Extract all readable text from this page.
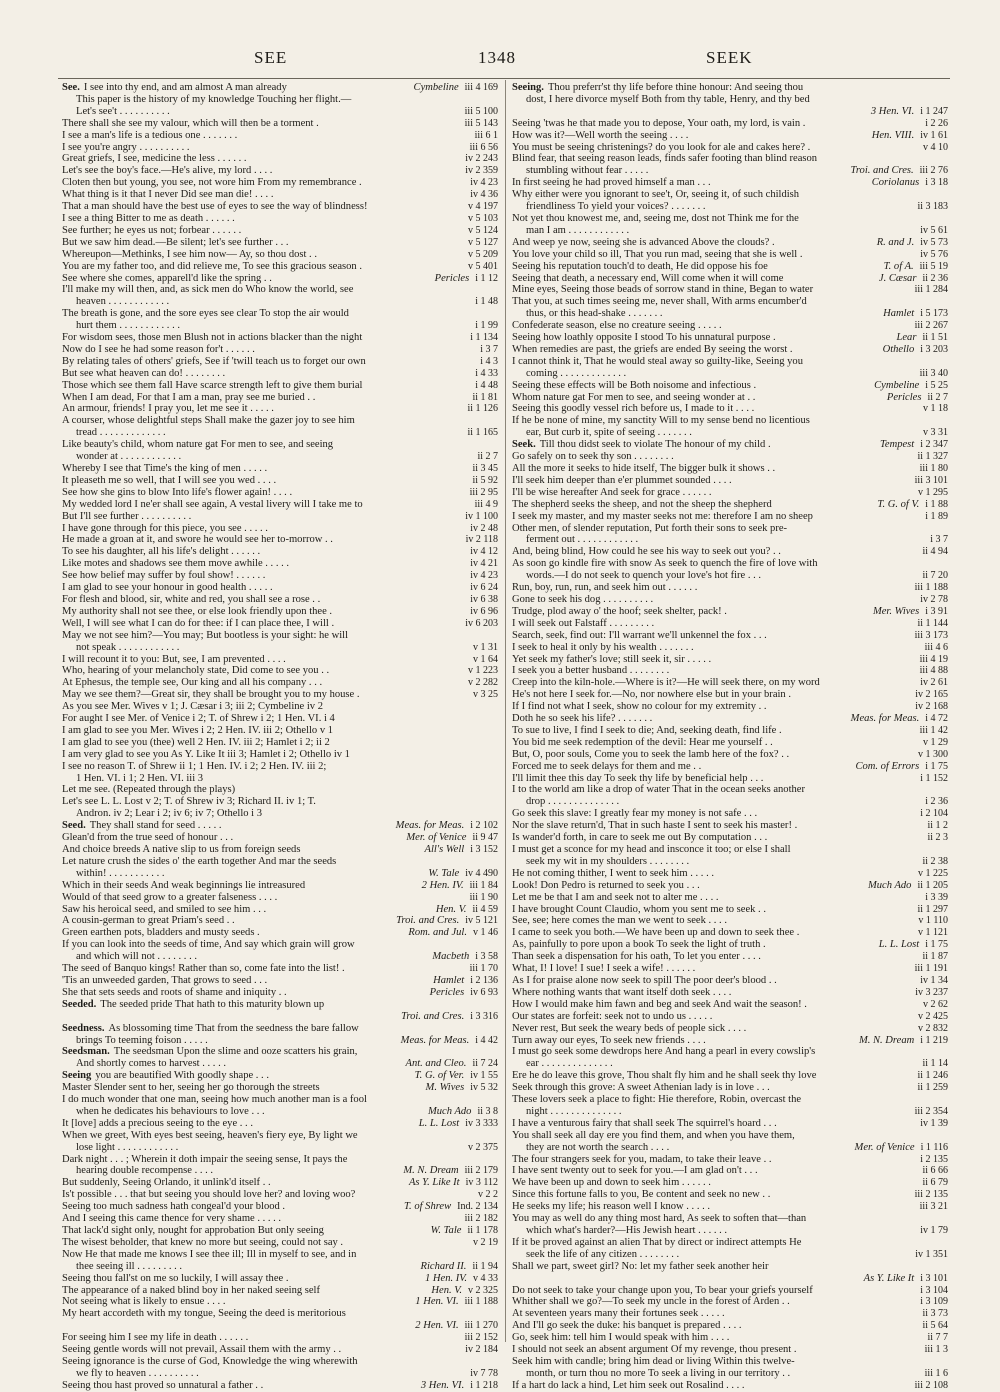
SEE	1348	SEEK
See. I see into thy end, and am almost A man already	Cymbeline iii 4 169
This paper is the history of my knowledge Touching her flight.—
Let's see't . . . . . . . . . .	iii 5 100
There shall she see my valour, which will then be a torment .	iii 5 143
I see a man's life is a tedious one . . . . . . .	iii 6 1
I see you're angry . . . . . . . . . .	iii 6 56
Great griefs, I see, medicine the less . . . . . .	iv 2 243
Let's see the boy's face.—He's alive, my lord . . . .	iv 2 359
Cloten then but young, you see, not wore him From my remembrance .	iv 4 23
What thing is it that I never Did see man die! . . . .	iv 4 36
That a man should have the best use of eyes to see the way of blindness!	v 4 197
I see a thing Bitter to me as death . . . . . .	v 5 103
See further; he eyes us not; forbear . . . . . .	v 5 124
But we saw him dead.—Be silent; let's see further . . .	v 5 127
Whereupon—Methinks, I see him now— Ay, so thou dost . .	v 5 209
You are my father too, and did relieve me, To see this gracious season .	v 5 401
See where she comes, apparell'd like the spring . .	Pericles i 1 12
I'll make my will then, and, as sick men do Who know the world, see
heaven . . . . . . . . . . . .	i 1 48
The breath is gone, and the sore eyes see clear To stop the air would
hurt them . . . . . . . . . . . .	i 1 99
For wisdom sees, those men Blush not in actions blacker than the night	i 1 134
Now do I see he had some reason for't . . . . . .	i 3 7
By relating tales of others' griefs, See if 'twill teach us to forget our own	i 4 3
But see what heaven can do! . . . . . . . .	i 4 33
Those which see them fall Have scarce strength left to give them burial	i 4 48
When I am dead, For that I am a man, pray see me buried . .	ii 1 81
An armour, friends! I pray you, let me see it . . . . .	ii 1 126
A courser, whose delightful steps Shall make the gazer joy to see him
tread . . . . . . . . . . . . .	ii 1 165
Like beauty's child, whom nature gat For men to see, and seeing
wonder at . . . . . . . . . . . .	ii 2 7
Whereby I see that Time's the king of men . . . . .	ii 3 45
It pleaseth me so well, that I will see you wed . . . .	ii 5 92
See how she gins to blow Into life's flower again! . . . .	iii 2 95
My wedded lord I ne'er shall see again, A vestal livery will I take me to	iii 4 9
But I'll see further . . . . . . . . . .	iv 1 100
I have gone through for this piece, you see . . . . .	iv 2 48
He made a groan at it, and swore he would see her to-morrow . .	iv 2 118
To see his daughter, all his life's delight . . . . . .	iv 4 12
Like motes and shadows see them move awhile . . . . .	iv 4 21
See how belief may suffer by foul show! . . . . . .	iv 4 23
I am glad to see your honour in good health . . . . .	iv 6 24
For flesh and blood, sir, white and red, you shall see a rose . .	iv 6 38
My authority shall not see thee, or else look friendly upon thee .	iv 6 96
Well, I will see what I can do for thee: if I can place thee, I will .	iv 6 203
May we not see him?—You may; But bootless is your sight: he will
not speak . . . . . . . . . . . .	v 1 31
I will recount it to you: But, see, I am prevented . . . .	v 1 64
Who, hearing of your melancholy state, Did come to see you . .	v 1 223
At Ephesus, the temple see, Our king and all his company . . .	v 2 282
May we see them?—Great sir, they shall be brought you to my house .	v 3 25
As you see Mer. Wives v 1; J. Cæsar i 3; iii 2; Cymbeline iv 2
For aught I see Mer. of Venice i 2; T. of Shrew i 2; 1 Hen. VI. i 4
I am glad to see you Mer. Wives i 2; 2 Hen. IV. iii 2; Othello v 1
I am glad to see you (thee) well 2 Hen. IV. iii 2; Hamlet i 2; ii 2
I am very glad to see you As Y. Like It iii 3; Hamlet i 2; Othello iv 1
I see no reason T. of Shrew ii 1; 1 Hen. IV. i 2; 2 Hen. IV. iii 2;
1 Hen. VI. i 1; 2 Hen. VI. iii 3
Let me see. (Repeated through the plays)
Let's see L. L. Lost v 2; T. of Shrew iv 3; Richard II. iv 1; T.
Andron. iv 2; Lear i 2; iv 6; iv 7; Othello i 3
Seed. They shall stand for seed . . . . .	Meas. for Meas. i 2 102
Glean'd from the true seed of honour . . .	Mer. of Venice ii 9 47
And choice breeds A native slip to us from foreign seeds	All's Well i 3 152
Let nature crush the sides o' the earth together And mar the seeds
within! . . . . . . . . . . .	W. Tale iv 4 490
Which in their seeds And weak beginnings lie intreasured	2 Hen. IV. iii 1 84
Would of that seed grow to a greater falseness . . . .	iii 1 90
Saw his heroical seed, and smiled to see him . . .	Hen. V. ii 4 59
A cousin-german to great Priam's seed . .	Troi. and Cres. iv 5 121
Green earthen pots, bladders and musty seeds .	Rom. and Jul. v 1 46
If you can look into the seeds of time, And say which grain will grow
and which will not . . . . . . . .	Macbeth i 3 58
The seed of Banquo kings! Rather than so, come fate into the list! .	iii 1 70
'Tis an unweeded garden, That grows to seed . . .	Hamlet i 2 136
She that sets seeds and roots of shame and iniquity . .	Pericles iv 6 93
Seeded. The seeded pride That hath to this maturity blown up
Troi. and Cres. i 3 316
Seedness. As blossoming time That from the seedness the bare fallow
brings To teeming foison . . . . .	Meas. for Meas. i 4 42
Seedsman. The seedsman Upon the slime and ooze scatters his grain,
And shortly comes to harvest . . . . .	Ant. and Cleo. ii 7 24
Seeing you are beautified With goodly shape . . .	T. G. of Ver. iv 1 55
Master Slender sent to her, seeing her go thorough the streets	M. Wives iv 5 32
I do much wonder that one man, seeing how much another man is a fool
when he dedicates his behaviours to love . . .	Much Ado ii 3 8
It [love] adds a precious seeing to the eye . . .	L. L. Lost iv 3 333
When we greet, With eyes best seeing, heaven's fiery eye, By light we
lose light . . . . . . . . . . . .	v 2 375
Dark night . . . ; Wherein it doth impair the seeing sense, It pays the
hearing double recompense . . . .	M. N. Dream iii 2 179
But suddenly, Seeing Orlando, it unlink'd itself . .	As Y. Like It iv 3 112
Is't possible . . . that but seeing you should love her? and loving woo?	v 2 2
Seeing too much sadness hath congeal'd your blood .	T. of Shrew Ind. 2 134
And I seeing this came thence for very shame . . . . .	iii 2 182
That lack'd sight only, nought for approbation But only seeing	W. Tale ii 1 178
The wisest beholder, that knew no more but seeing, could not say .	v 2 19
Now He that made me knows I see thee ill; Ill in myself to see, and in
thee seeing ill . . . . . . . . .	Richard II. ii 1 94
Seeing thou fall'st on me so luckily, I will assay thee .	1 Hen. IV. v 4 33
The appearance of a naked blind boy in her naked seeing self	Hen. V. v 2 325
Not seeing what is likely to ensue . . . .	1 Hen. VI. iii 1 188
My heart accordeth with my tongue, Seeing the deed is meritorious
2 Hen. VI. iii 1 270
For seeing him I see my life in death . . . . . .	iii 2 152
Seeing gentle words will not prevail, Assail them with the army . .	iv 2 184
Seeing ignorance is the curse of God, Knowledge the wing wherewith
we fly to heaven . . . . . . . . . .	iv 7 78
Seeing thou hast proved so unnatural a father . .	3 Hen. VI. i 1 218
Seeing. Thou preferr'st thy life before thine honour: And seeing thou
dost, I here divorce myself Both from thy table, Henry, and thy bed
3 Hen. VI. i 1 247
Seeing 'twas he that made you to depose, Your oath, my lord, is vain .	i 2 26
How was it?—Well worth the seeing . . . .	Hen. VIII. iv 1 61
You must be seeing christenings? do you look for ale and cakes here? .	v 4 10
Blind fear, that seeing reason leads, finds safer footing than blind reason
stumbling without fear . . . . .	Troi. and Cres. iii 2 76
In first seeing he had proved himself a man . . .	Coriolanus i 3 18
Why either were you ignorant to see't, Or, seeing it, of such childish
friendliness To yield your voices? . . . . . . .	ii 3 183
Not yet thou knowest me, and, seeing me, dost not Think me for the
man I am . . . . . . . . . . . .	iv 5 61
And weep ye now, seeing she is advanced Above the clouds? .	R. and J. iv 5 73
You love your child so ill, That you run mad, seeing that she is well .	iv 5 76
Seeing his reputation touch'd to death, He did oppose his foe	T. of A. iii 5 19
Seeing that death, a necessary end, Will come when it will come	J. Cæsar ii 2 36
Mine eyes, Seeing those beads of sorrow stand in thine, Began to water	iii 1 284
That you, at such times seeing me, never shall, With arms encumber'd
thus, or this head-shake . . . . . . .	Hamlet i 5 173
Confederate season, else no creature seeing . . . . .	iii 2 267
Seeing how loathly opposite I stood To his unnatural purpose .	Lear ii 1 51
When remedies are past, the griefs are ended By seeing the worst .	Othello i 3 203
I cannot think it, That he would steal away so guilty-like, Seeing you
coming . . . . . . . . . . . . .	iii 3 40
Seeing these effects will be Both noisome and infectious .	Cymbeline i 5 25
Whom nature gat For men to see, and seeing wonder at . .	Pericles ii 2 7
Seeing this goodly vessel rich before us, I made to it . . . .	v 1 18
If he be none of mine, my sanctity Will to my sense bend no licentious
ear, But curb it, spite of seeing . . . . . . .	v 3 31
Seek. Till thou didst seek to violate The honour of my child .	Tempest i 2 347
Go safely on to seek thy son . . . . . . . .	ii 1 327
All the more it seeks to hide itself, The bigger bulk it shows . .	iii 1 80
I'll seek him deeper than e'er plummet sounded . . . .	iii 3 101
I'll be wise hereafter And seek for grace . . . . . .	v 1 295
The shepherd seeks the sheep, and not the sheep the shepherd	T. G. of V. i 1 88
I seek my master, and my master seeks not me: therefore I am no sheep	i 1 89
Other men, of slender reputation, Put forth their sons to seek pre-
ferment out . . . . . . . . . . . .	i 3 7
And, being blind, How could he see his way to seek out you? . .	ii 4 94
As soon go kindle fire with snow As seek to quench the fire of love with
words.—I do not seek to quench your love's hot fire . . .	ii 7 20
Run, boy, run, run, and seek him out . . . . . .	iii 1 188
Gone to seek his dog . . . . . . . . . .	iv 2 78
Trudge, plod away o' the hoof; seek shelter, pack! .	Mer. Wives i 3 91
I will seek out Falstaff . . . . . . . . .	ii 1 144
Search, seek, find out: I'll warrant we'll unkennel the fox . . .	iii 3 173
I seek to heal it only by his wealth . . . . . . .	iii 4 6
Yet seek my father's love; still seek it, sir . . . . .	iii 4 19
I seek you a better husband . . . . . . . .	iii 4 88
Creep into the kiln-hole.—Where is it?—He will seek there, on my word	iv 2 61
He's not here I seek for.—No, nor nowhere else but in your brain .	iv 2 165
If I find not what I seek, show no colour for my extremity . .	iv 2 168
Doth he so seek his life? . . . . . . .	Meas. for Meas. i 4 72
To sue to live, I find I seek to die; And, seeking death, find life .	iii 1 42
You bid me seek redemption of the devil: Hear me yourself . .	v 1 29
But, O, poor souls, Come you to seek the lamb here of the fox? . .	v 1 300
Forced me to seek delays for them and me . .	Com. of Errors i 1 75
I'll limit thee this day To seek thy life by beneficial help . . .	i 1 152
I to the world am like a drop of water That in the ocean seeks another
drop . . . . . . . . . . . . . .	i 2 36
Go seek this slave: I greatly fear my money is not safe . . .	i 2 104
Nor the slave return'd, That in such haste I sent to seek his master! .	ii 1 2
Is wander'd forth, in care to seek me out By computation . . .	ii 2 3
I must get a sconce for my head and insconce it too; or else I shall
seek my wit in my shoulders . . . . . . . .	ii 2 38
He not coming thither, I went to seek him . . . . .	v 1 225
Look! Don Pedro is returned to seek you . . .	Much Ado ii 1 205
Let me be that I am and seek not to alter me . . . .	i 3 39
I have brought Count Claudio, whom you sent me to seek . .	ii 1 297
See, see; here comes the man we went to seek . . . .	v 1 110
I came to seek you both.—We have been up and down to seek thee .	v 1 121
As, painfully to pore upon a book To seek the light of truth .	L. L. Lost i 1 75
Than seek a dispensation for his oath, To let you enter . . . .	ii 1 87
What, I! I love! I sue! I seek a wife! . . . . . .	iii 1 191
As I for praise alone now seek to spill The poor deer's blood . .	iv 1 34
Where nothing wants that want itself doth seek . . . .	iv 3 237
How I would make him fawn and beg and seek And wait the season! .	v 2 62
Our states are forfeit: seek not to undo us . . . . .	v 2 425
Never rest, But seek the weary beds of people sick . . . .	v 2 832
Turn away our eyes, To seek new friends . . . .	M. N. Dream i 1 219
I must go seek some dewdrops here And hang a pearl in every cowslip's
ear . . . . . . . . . . . . . .	ii 1 14
Ere he do leave this grove, Thou shalt fly him and he shall seek thy love	ii 1 246
Seek through this grove: A sweet Athenian lady is in love . . .	ii 1 259
These lovers seek a place to fight: Hie therefore, Robin, overcast the
night . . . . . . . . . . . . . .	iii 2 354
I have a venturous fairy that shall seek The squirrel's hoard . . .	iv 1 39
You shall seek all day ere you find them, and when you have them,
they are not worth the search . . . .	Mer. of Venice i 1 116
The four strangers seek for you, madam, to take their leave . .	i 2 135
I have sent twenty out to seek for you.—I am glad on't . . .	ii 6 66
We have been up and down to seek him . . . . . .	ii 6 79
Since this fortune falls to you, Be content and seek no new . .	iii 2 135
He seeks my life; his reason well I know . . . . .	iii 3 21
You may as well do any thing most hard, As seek to soften that—than
which what's harder?—His Jewish heart . . . . . .	iv 1 79
If it be proved against an alien That by direct or indirect attempts He
seek the life of any citizen . . . . . . . .	iv 1 351
Shall we part, sweet girl? No: let my father seek another heir
As Y. Like It i 3 101
Do not seek to take your change upon you, To bear your griefs yourself	i 3 104
Whither shall we go?—To seek my uncle in the forest of Arden . .	i 3 109
At seventeen years many their fortunes seek . . . . .	ii 3 73
And I'll go seek the duke: his banquet is prepared . . . .	ii 5 64
Go, seek him: tell him I would speak with him . . . .	ii 7 7
I should not seek an absent argument Of my revenge, thou present .	iii 1 3
Seek him with candle; bring him dead or living Within this twelve-
month, or turn thou no more To seek a living in our territory . .	iii 1 6
If a hart do lack a hind, Let him seek out Rosalind . . . .	iii 2 108
